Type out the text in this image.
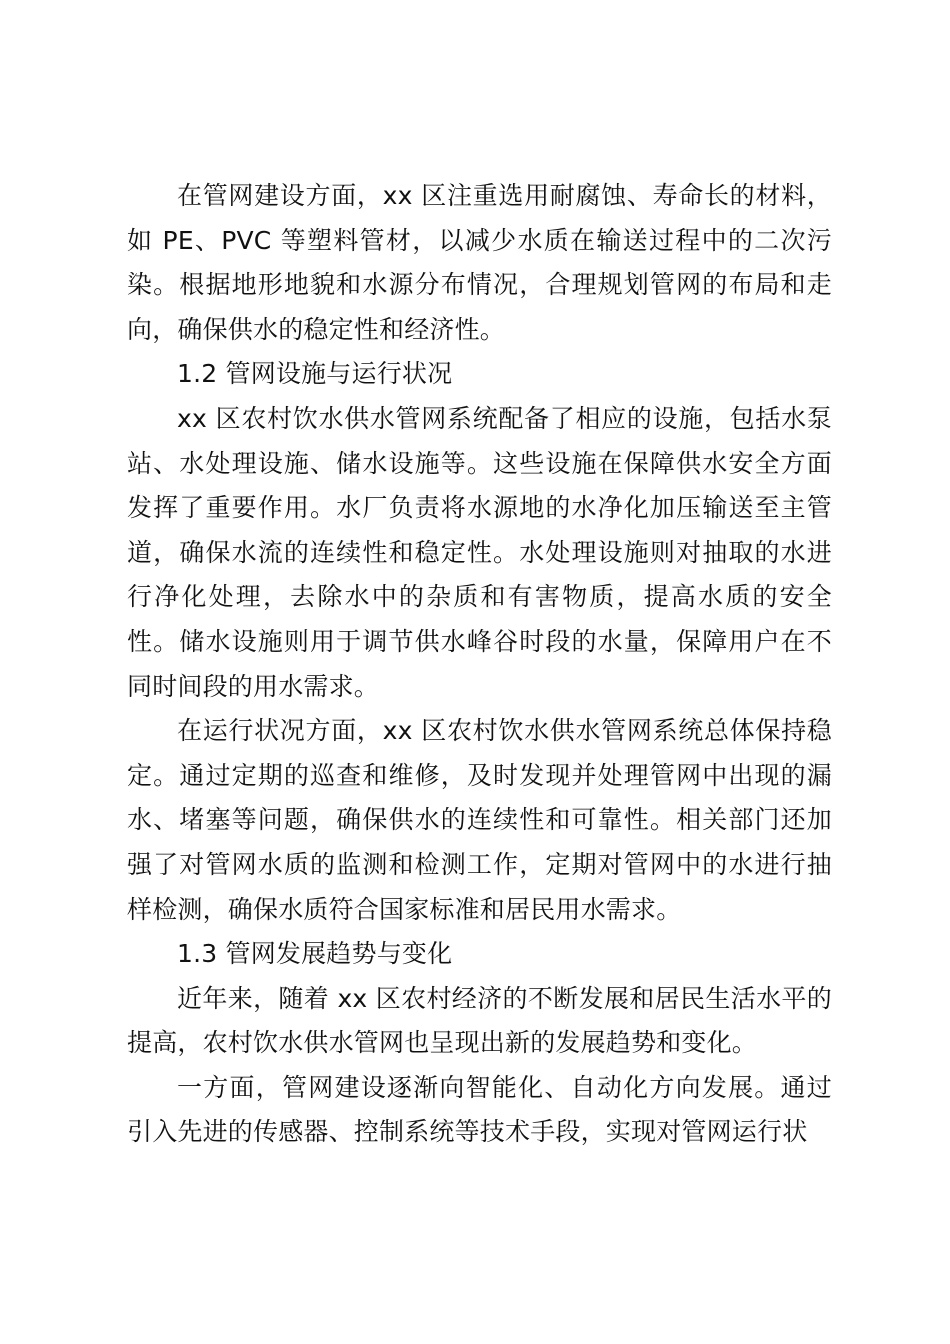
在管网建设方面，xx 区注重选用耐腐蚀、寿命长的材料，如 PE、PVC 等塑料管材，以减少水质在输送过程中的二次污染。根据地形地貌和水源分布情况，合理规划管网的布局和走向，确保供水的稳定性和经济性。

1.2 管网设施与运行状况

xx 区农村饮水供水管网系统配备了相应的设施，包括水泵站、水处理设施、储水设施等。这些设施在保障供水安全方面发挥了重要作用。水厂负责将水源地的水净化加压输送至主管道，确保水流的连续性和稳定性。水处理设施则对抽取的水进行净化处理，去除水中的杂质和有害物质，提高水质的安全性。储水设施则用于调节供水峰谷时段的水量，保障用户在不同时间段的用水需求。

在运行状况方面，xx 区农村饮水供水管网系统总体保持稳定。通过定期的巡查和维修，及时发现并处理管网中出现的漏水、堵塞等问题，确保供水的连续性和可靠性。相关部门还加强了对管网水质的监测和检测工作，定期对管网中的水进行抽样检测，确保水质符合国家标准和居民用水需求。

1.3 管网发展趋势与变化

近年来，随着 xx 区农村经济的不断发展和居民生活水平的提高，农村饮水供水管网也呈现出新的发展趋势和变化。

一方面，管网建设逐渐向智能化、自动化方向发展。通过引入先进的传感器、控制系统等技术手段，实现对管网运行状
